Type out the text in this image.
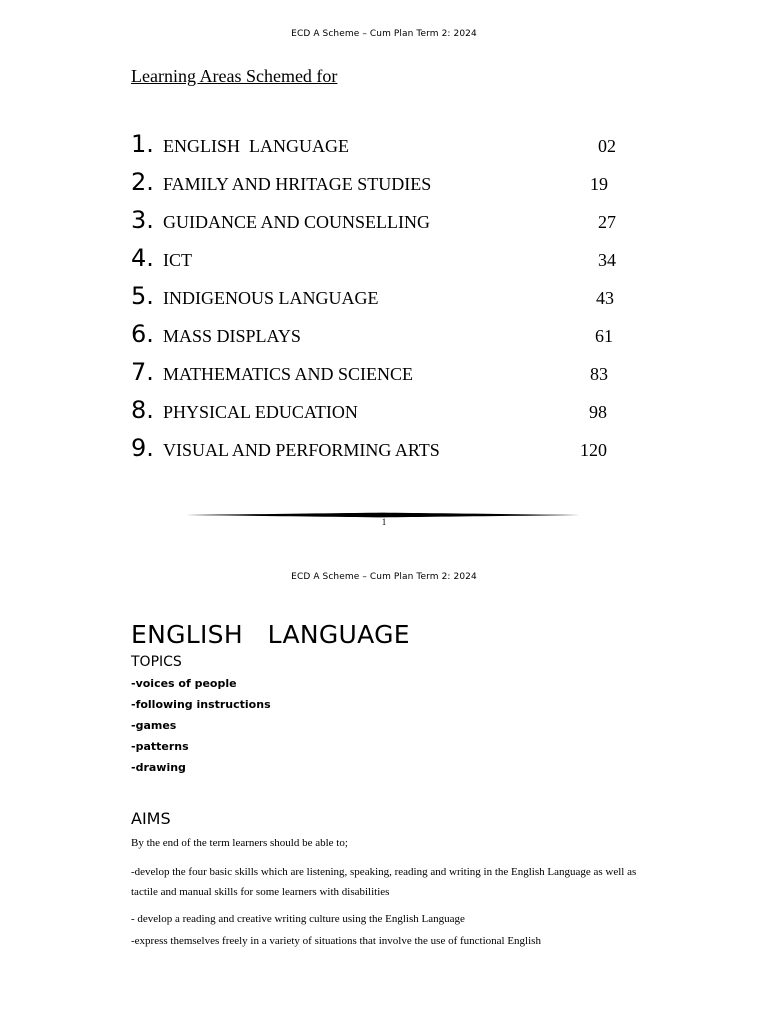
ECD A Scheme – Cum Plan Term 2: 2024
Learning Areas Schemed for
1. ENGLISH  LANGUAGE	02
2. FAMILY AND HRITAGE STUDIES	19
3. GUIDANCE AND COUNSELLING	27
4. ICT	34
5. INDIGENOUS LANGUAGE	43
6. MASS DISPLAYS	61
7. MATHEMATICS AND SCIENCE	83
8. PHYSICAL EDUCATION	98
9. VISUAL AND PERFORMING ARTS	120
1
ECD A Scheme – Cum Plan Term 2: 2024
ENGLISH   LANGUAGE
TOPICS
-voices of people
-following instructions
-games
-patterns
-drawing
AIMS
By the end of the term learners should be able to;
-develop the four basic skills which are listening, speaking, reading and writing in the English Language as well as tactile and manual skills for some learners with disabilities
- develop a reading and creative writing culture using the English Language
-express themselves freely in a variety of situations that involve the use of functional English
